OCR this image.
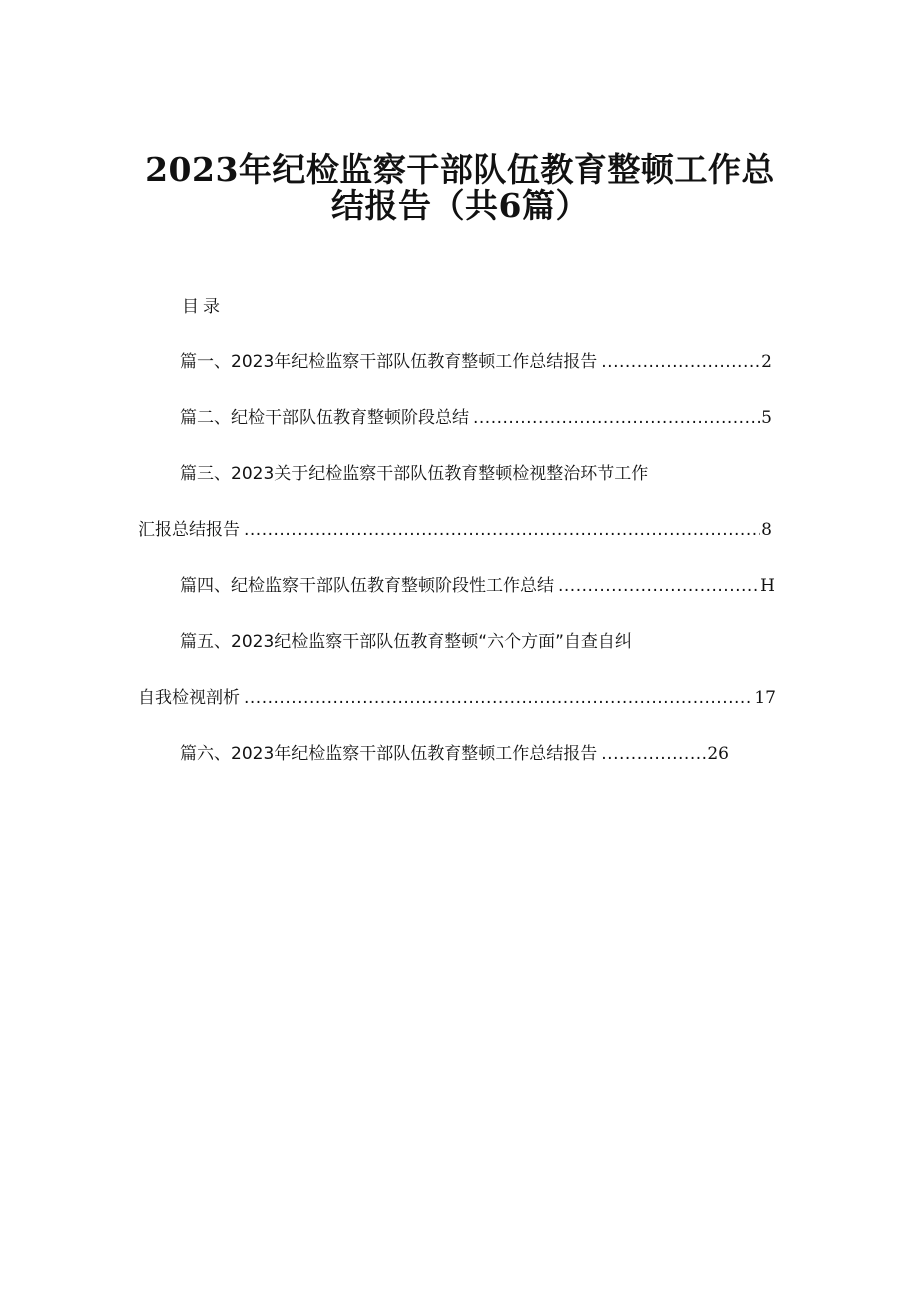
2023年纪检监察干部队伍教育整顿工作总
结报告（共6篇）
目录
篇一、2023年纪检监察干部队伍教育整顿工作总结报告 .....	2
篇二、纪检干部队伍教育整顿阶段总结 .....	5
篇三、2023关于纪检监察干部队伍教育整顿检视整治环节工作
汇报总结报告 .....	8
篇四、纪检监察干部队伍教育整顿阶段性工作总结 .....	H
篇五、2023纪检监察干部队伍教育整顿“六个方面”自查自纠
自我检视剖析 .....	17
篇六、2023年纪检监察干部队伍教育整顿工作总结报告 .....	26
